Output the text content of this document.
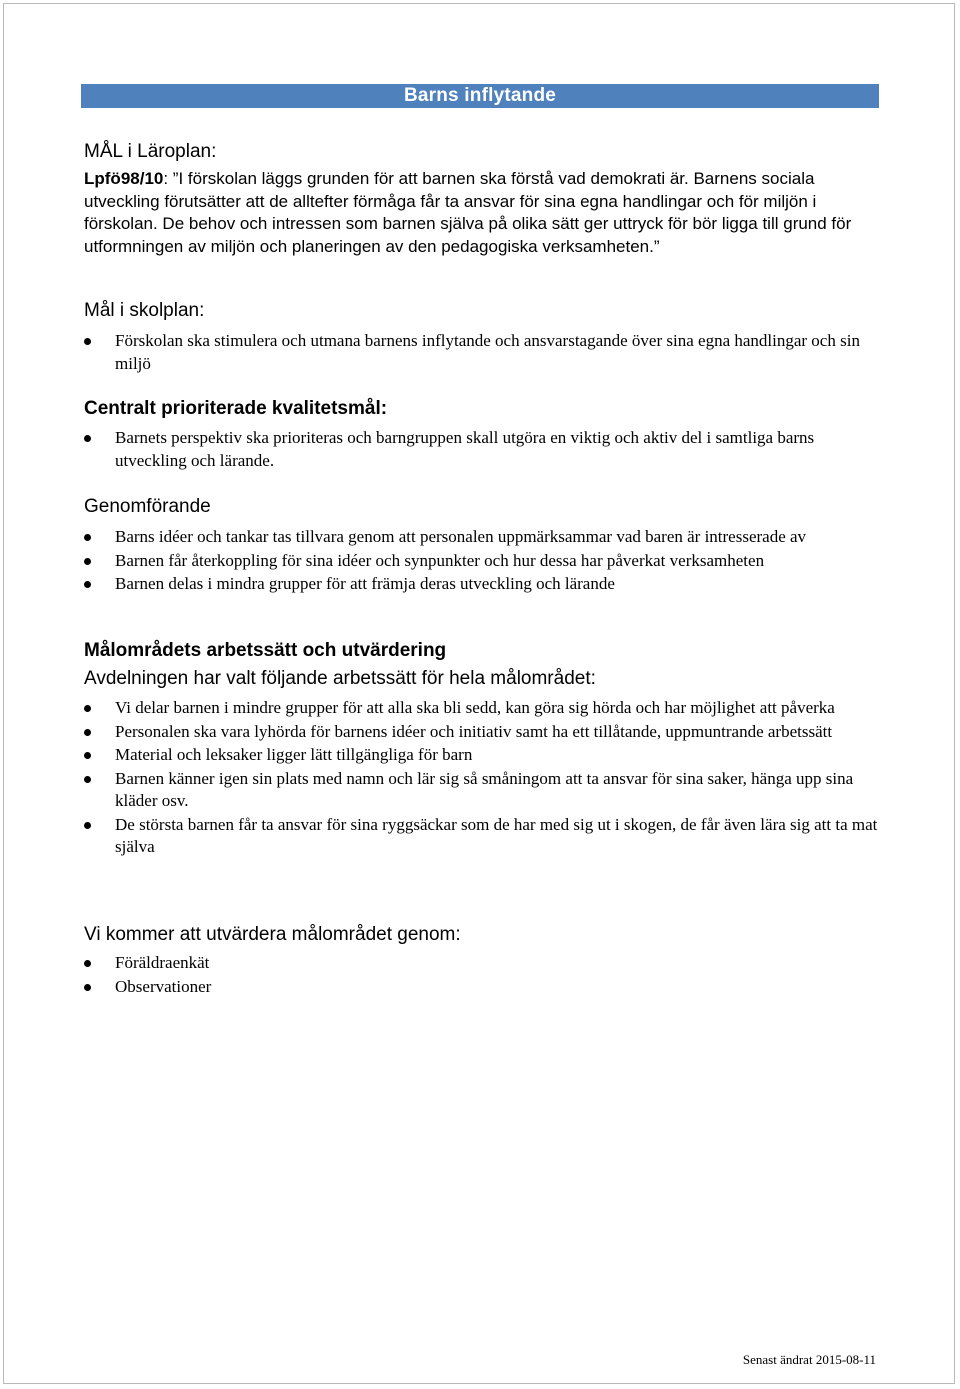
Barns inflytande
MÅL i Läroplan:
Lpfö98/10: ”I förskolan läggs grunden för att barnen ska förstå vad demokrati är. Barnens sociala utveckling förutsätter att de alltefter förmåga får ta ansvar för sina egna handlingar och för miljön i förskolan. De behov och intressen som barnen själva på olika sätt ger uttryck för bör ligga till grund för utformningen av miljön och planeringen av den pedagogiska verksamheten.”
Mål i skolplan:
Förskolan ska stimulera och utmana barnens inflytande och ansvarstagande över sina egna handlingar och sin miljö
Centralt prioriterade kvalitetsmål:
Barnets perspektiv ska prioriteras och barngruppen skall utgöra en viktig och aktiv del i samtliga barns utveckling och lärande.
Genomförande
Barns idéer och tankar tas tillvara genom att personalen uppmärksammar vad baren är intresserade av
Barnen får återkoppling för sina idéer och synpunkter och hur dessa har påverkat verksamheten
Barnen delas i mindra grupper för att främja deras utveckling och lärande
Målområdets arbetssätt och utvärdering
Avdelningen har valt följande arbetssätt för hela målområdet:
Vi delar barnen i mindre grupper för att alla ska bli sedd, kan göra sig hörda och har möjlighet att påverka
Personalen ska vara lyhörda för barnens idéer och initiativ samt ha ett tillåtande, uppmuntrande arbetssätt
Material och leksaker ligger lätt tillgängliga för barn
Barnen känner igen sin plats med namn och lär sig så småningom att ta ansvar för sina saker, hänga upp sina kläder osv.
De största barnen får ta ansvar för sina ryggsäckar som de har med sig ut i skogen, de får även lära sig att ta mat själva
Vi kommer att utvärdera målområdet genom:
Föräldraenkät
Observationer
Senast ändrat 2015-08-11
